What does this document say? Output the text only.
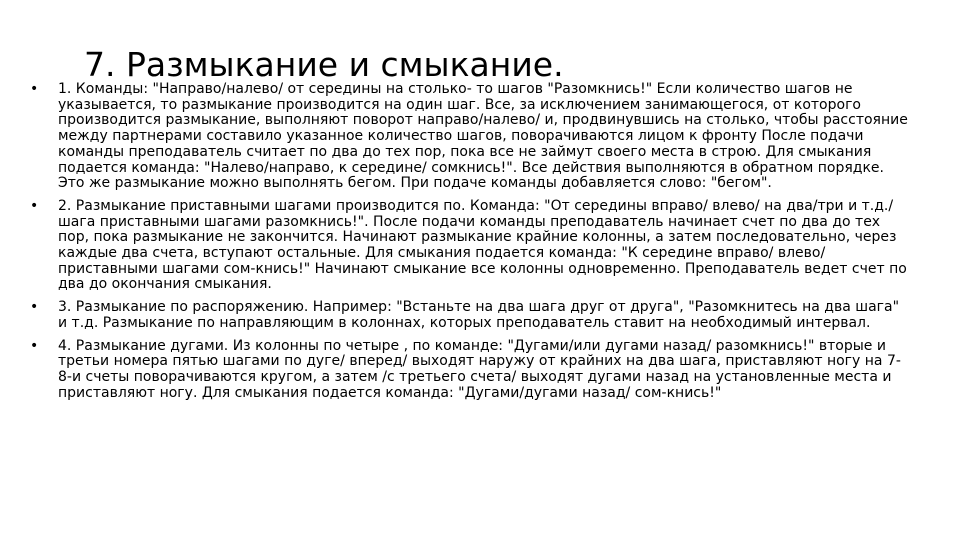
7. Размыкание и смыкание.
•	1. Команды: "Направо/налево/ от середины на столько- то шагов "Разомкнись!" Если количество шагов не указывается, то размыкание производится на один шаг. Все, за исключением занимающегося, от которого производится размыкание, выполняют поворот направо/налево/ и, продвинувшись на столько, чтобы расстояние между партнерами составило указанное количество шагов, поворачиваются лицом к фронту После подачи команды преподаватель считает по два до тех пор, пока все не займут своего места в строю. Для смыкания подается команда: "Налево/направо, к середине/ сомкнись!". Все действия выполняются в обратном порядке. Это же размыкание можно выполнять бегом. При подаче команды добавляется слово: "бегом".
•	2. Размыкание приставными шагами производится по. Команда: "От середины вправо/ влево/ на два/три и т.д./ шага приставными шагами разомкнись!". После подачи команды преподаватель начинает счет по два до тех пор, пока размыкание не закончится. Начинают размыкание крайние колонны, а затем последовательно, через каждые два счета, вступают остальные. Для смыкания подается команда: "К середине вправо/ влево/ приставными шагами сом-кнись!" Начинают смыкание все колонны одновременно. Преподаватель ведет счет по два до окончания смыкания.
•	3. Размыкание по распоряжению. Например: "Встаньте на два шага друг от друга", "Разомкнитесь на два шага" и т.д. Размыкание по направляющим в колоннах, которых преподаватель ставит на необходимый интервал.
•	4. Размыкание дугами. Из колонны по четыре , по команде: "Дугами/или дугами назад/ разомкнись!" вторые и третьи номера пятью шагами по дуге/ вперед/ выходят наружу от крайних на два шага, приставляют ногу на 7-8-и счеты поворачиваются кругом, а затем /с третьего счета/ выходят дугами назад на установленные места и приставляют ногу. Для смыкания подается команда: "Дугами/дугами назад/ сом-кнись!"
